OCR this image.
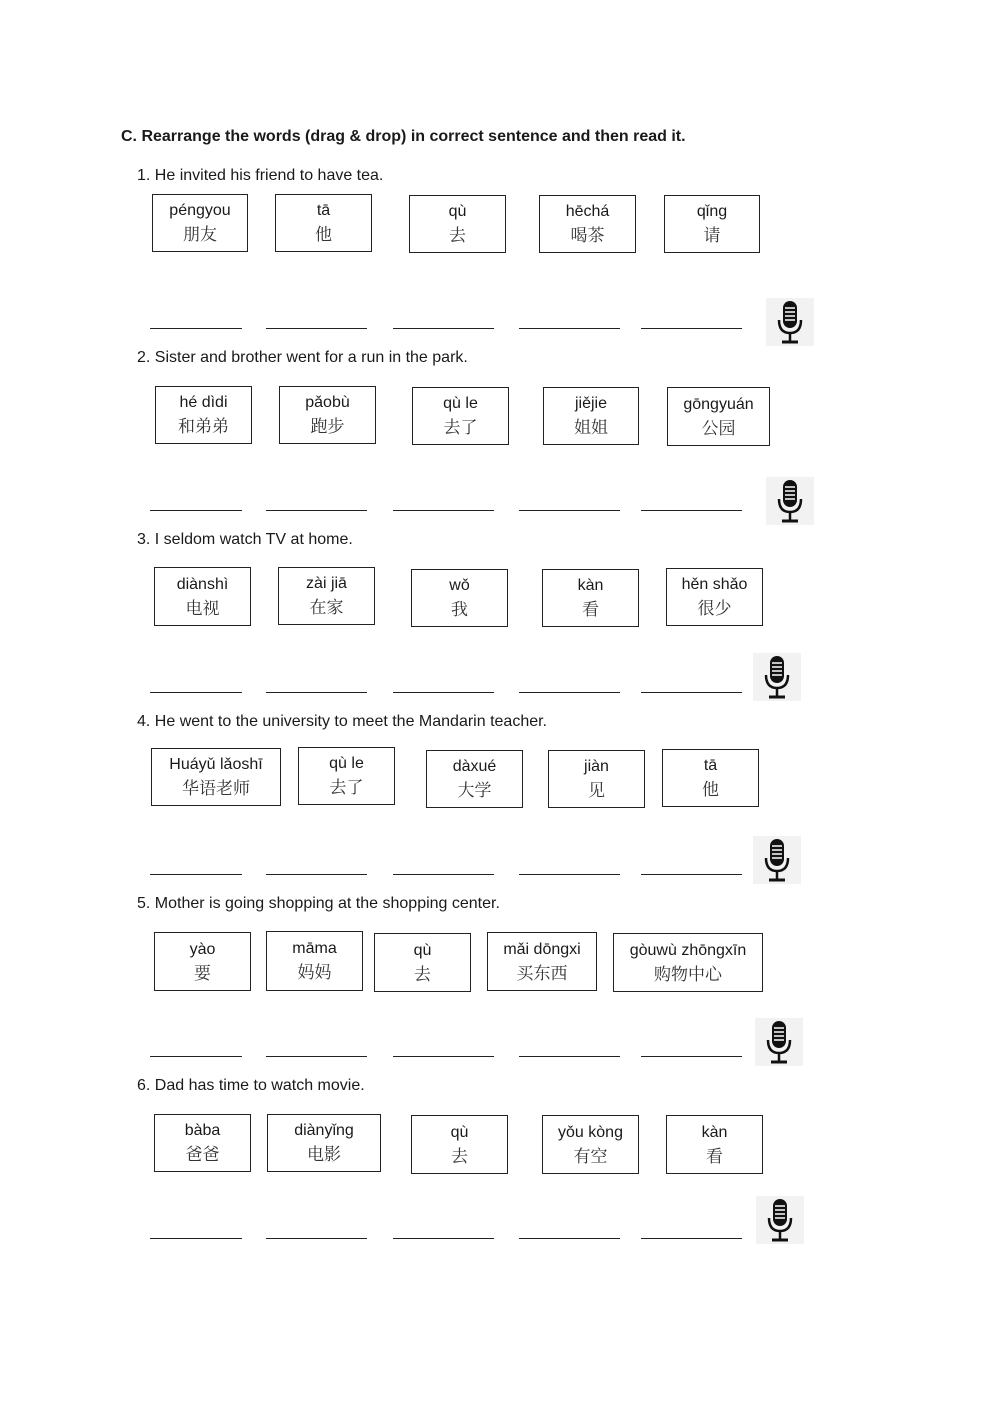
C. Rearrange the words (drag & drop) in correct sentence and then read it.
1. He invited his friend to have tea.
péngyou
朋友
tā
他
qù
去
hēchá
喝茶
qǐng
请
2. Sister and brother went for a run in the park.
hé dìdi
和弟弟
pǎobù
跑步
qù le
去了
jiějie
姐姐
gōngyuán
公园
3. I seldom watch TV at home.
diànshì
电视
zài jiā
在家
wǒ
我
kàn
看
hěn shǎo
很少
4. He went to the university to meet the Mandarin teacher.
Huáyǔ lǎoshī
华语老师
qù le
去了
dàxué
大学
jiàn
见
tā
他
5. Mother is going shopping at the shopping center.
yào
要
māma
妈妈
qù
去
mǎi dōngxi
买东西
gòuwù zhōngxīn
购物中心
6. Dad has time to watch movie.
bàba
爸爸
diànyǐng
电影
qù
去
yǒu kòng
有空
kàn
看
